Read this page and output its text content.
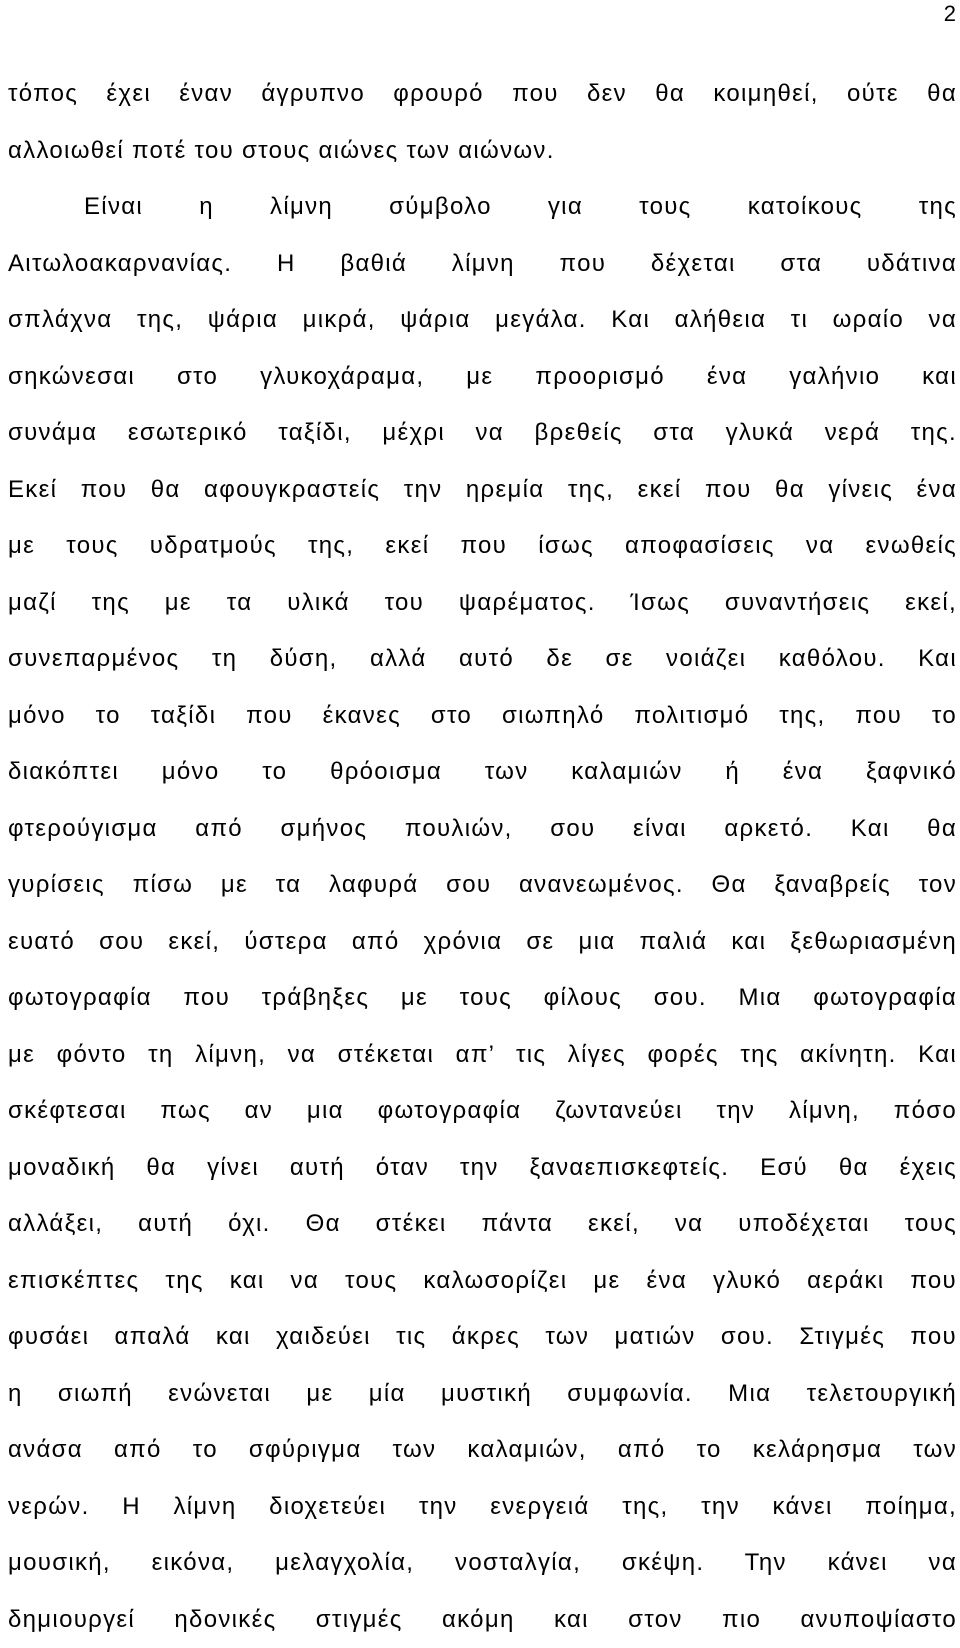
2
τόπος έχει έναν άγρυπνο φρουρό που δεν θα κοιμηθεί, ούτε θα
αλλοιωθεί ποτέ του στους αιώνες των αιώνων.
Είναι η λίμνη σύμβολο για τους κατοίκους της
Αιτωλοακαρνανίας. Η βαθιά λίμνη που δέχεται στα υδάτινα
σπλάχνα της, ψάρια μικρά, ψάρια μεγάλα. Και αλήθεια τι ωραίο να
σηκώνεσαι στο γλυκοχάραμα, με προορισμό ένα γαλήνιο και
συνάμα εσωτερικό ταξίδι, μέχρι να βρεθείς στα γλυκά νερά της.
Εκεί που θα αφουγκραστείς την ηρεμία της, εκεί που θα γίνεις ένα
με τους υδρατμούς της, εκεί που ίσως αποφασίσεις να ενωθείς
μαζί της με τα υλικά του ψαρέματος. Ίσως συναντήσεις εκεί,
συνεπαρμένος τη δύση, αλλά αυτό δε σε νοιάζει καθόλου. Και
μόνο το ταξίδι που έκανες στο σιωπηλό πολιτισμό της, που το
διακόπτει μόνο το θρόοισμα των καλαμιών ή ένα ξαφνικό
φτερούγισμα από σμήνος πουλιών, σου είναι αρκετό. Και θα
γυρίσεις πίσω με τα λαφυρά σου ανανεωμένος. Θα ξαναβρείς τον
ευατό σου εκεί, ύστερα από χρόνια σε μια παλιά και ξεθωριασμένη
φωτογραφία που τράβηξες με τους φίλους σου. Μια φωτογραφία
με φόντο τη λίμνη, να στέκεται απ’ τις λίγες φορές της ακίνητη. Και
σκέφτεσαι πως αν μια φωτογραφία ζωντανεύει την λίμνη, πόσο
μοναδική θα γίνει αυτή όταν την ξαναεπισκεφτείς. Εσύ θα έχεις
αλλάξει, αυτή όχι. Θα στέκει πάντα εκεί, να υποδέχεται τους
επισκέπτες της και να τους καλωσορίζει με ένα γλυκό αεράκι που
φυσάει απαλά και χαιδεύει τις άκρες των ματιών σου. Στιγμές που
η σιωπή ενώνεται με μία μυστική συμφωνία. Μια τελετουργική
ανάσα από το σφύριγμα των καλαμιών, από το κελάρησμα των
νερών. Η λίμνη διοχετεύει την ενεργειά της, την κάνει ποίημα,
μουσική, εικόνα, μελαγχολία, νοσταλγία, σκέψη. Την κάνει να
δημιουργεί ηδονικές στιγμές ακόμη και στον πιο ανυποψίαστο
